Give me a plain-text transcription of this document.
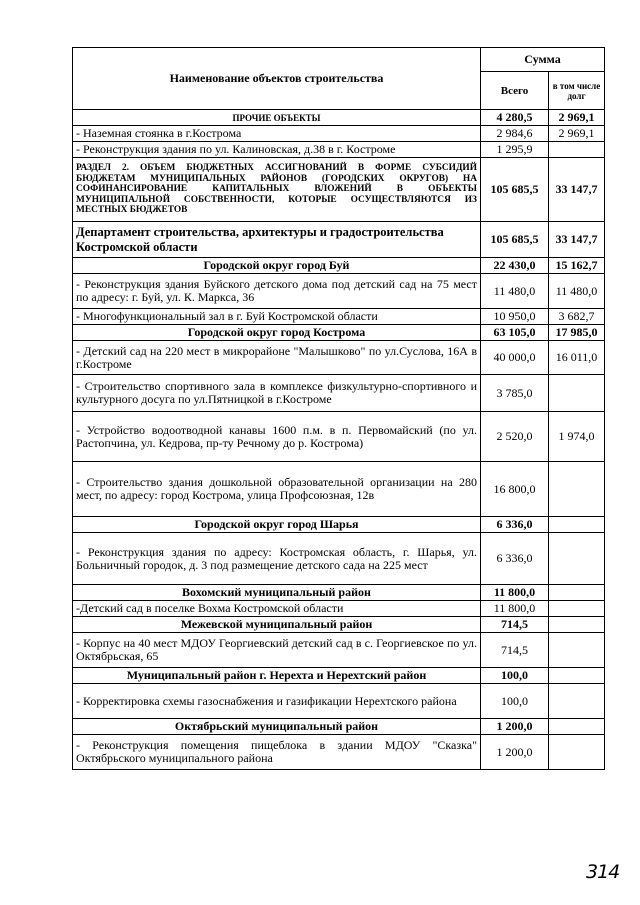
Наименование объектов строительства	Сумма	
	Всего	в том числе долг
ПРОЧИЕ ОБЪЕКТЫ	4 280,5	2 969,1
- Наземная стоянка в г.Кострома	2 984,6	2 969,1
- Реконструкция здания по ул. Калиновская, д.38 в г. Костроме	1 295,9	
РАЗДЕЛ 2. ОБЪЕМ БЮДЖЕТНЫХ АССИГНОВАНИЙ В ФОРМЕ СУБСИДИЙ БЮДЖЕТАМ МУНИЦИПАЛЬНЫХ РАЙОНОВ (ГОРОДСКИХ ОКРУГОВ) НА СОФИНАНСИРОВАНИЕ КАПИТАЛЬНЫХ ВЛОЖЕНИЙ В ОБЪЕКТЫ МУНИЦИПАЛЬНОЙ СОБСТВЕННОСТИ, КОТОРЫЕ ОСУЩЕСТВЛЯЮТСЯ ИЗ МЕСТНЫХ БЮДЖЕТОВ	105 685,5	33 147,7
Департамент строительства, архитектуры и градостроительства Костромской области	105 685,5	33 147,7
Городской округ город Буй	22 430,0	15 162,7
- Реконструкция здания Буйского детского дома под детский сад на 75 мест по адресу: г. Буй, ул. К. Маркса, 36	11 480,0	11 480,0
- Многофункциональный зал в г. Буй Костромской области	10 950,0	3 682,7
Городской округ город Кострома	63 105,0	17 985,0
- Детский сад на 220 мест в микрорайоне "Малышково" по ул.Суслова, 16А в г.Костроме	40 000,0	16 011,0
- Строительство спортивного зала в комплексе физкультурно-спортивного и культурного досуга по ул.Пятницкой в г.Костроме	3 785,0	
- Устройство водоотводной канавы 1600 п.м. в п. Первомайский (по ул. Растопчина, ул. Кедрова, пр-ту Речному до р. Кострома)	2 520,0	1 974,0
- Строительство здания дошкольной образовательной организации на 280 мест, по адресу: город Кострома, улица Профсоюзная, 12в	16 800,0	
Городской округ город Шарья	6 336,0	
- Реконструкция здания по адресу: Костромская область, г. Шарья, ул. Больничный городок, д. 3 под размещение детского сада на 225 мест	6 336,0	
Вохомский муниципальный район	11 800,0	
-Детский сад в поселке Вохма Костромской области	11 800,0	
Межевской муниципальный район	714,5	
- Корпус на 40 мест МДОУ Георгиевский детский сад в с. Георгиевское по ул. Октябрьская, 65	714,5	
Муниципальный район г. Нерехта и Нерехтский район	100,0	
- Корректировка схемы газоснабжения и газификации Нерехтского района	100,0	
Октябрьский муниципальный район	1 200,0	
- Реконструкция помещения пищеблока в здании МДОУ "Сказка" Октябрьского муниципального района	1 200,0	
314
